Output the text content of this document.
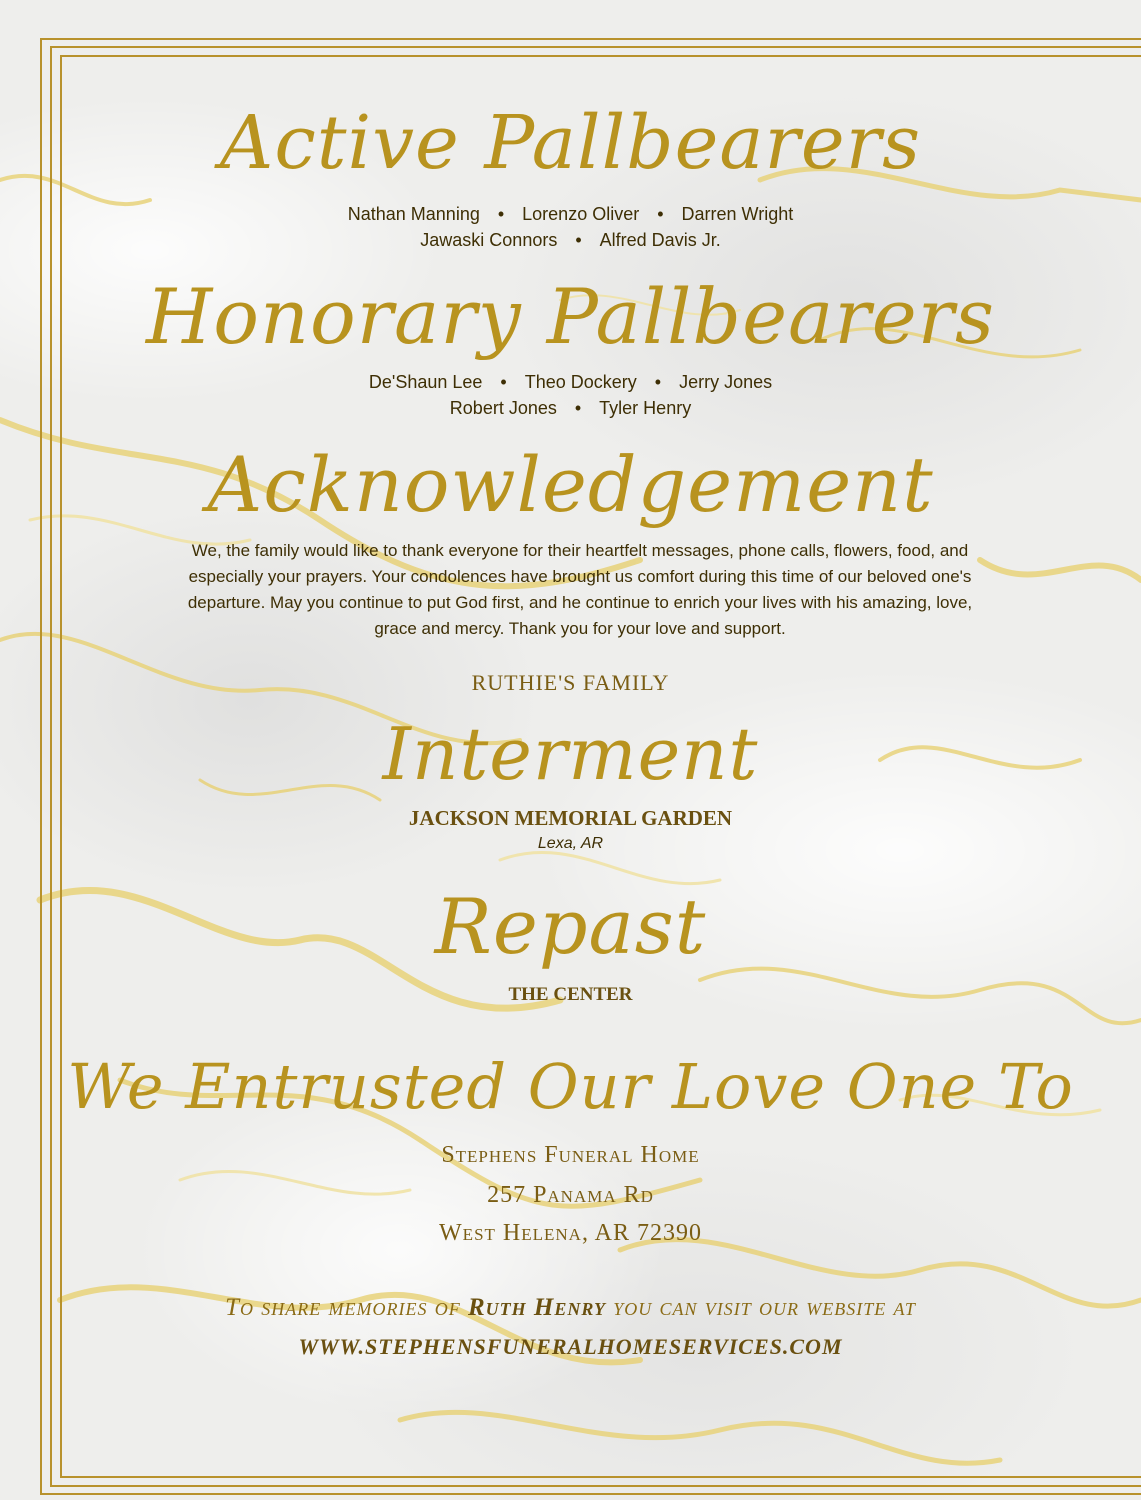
Active Pallbearers
Nathan Manning • Lorenzo Oliver • Darren Wright
Jawaski Connors • Alfred Davis Jr.
Honorary Pallbearers
De'Shaun Lee • Theo Dockery • Jerry Jones
Robert Jones • Tyler Henry
Acknowledgement
We, the family would like to thank everyone for their heartfelt messages, phone calls, flowers, food, and
especially your prayers. Your condolences have brought us comfort during this time of our beloved one's
departure. May you continue to put God first, and he continue to enrich your lives with his amazing, love,
grace and mercy. Thank you for your love and support.
RUTHIE'S FAMILY
Interment
JACKSON MEMORIAL GARDEN
Lexa, AR
Repast
THE CENTER
We Entrusted Our Love One To
Stephens Funeral Home
257 Panama Rd
West Helena, AR 72390
To share memories of Ruth Henry you can visit our website at
WWW.STEPHENSFUNERALHOMESERVICES.COM
